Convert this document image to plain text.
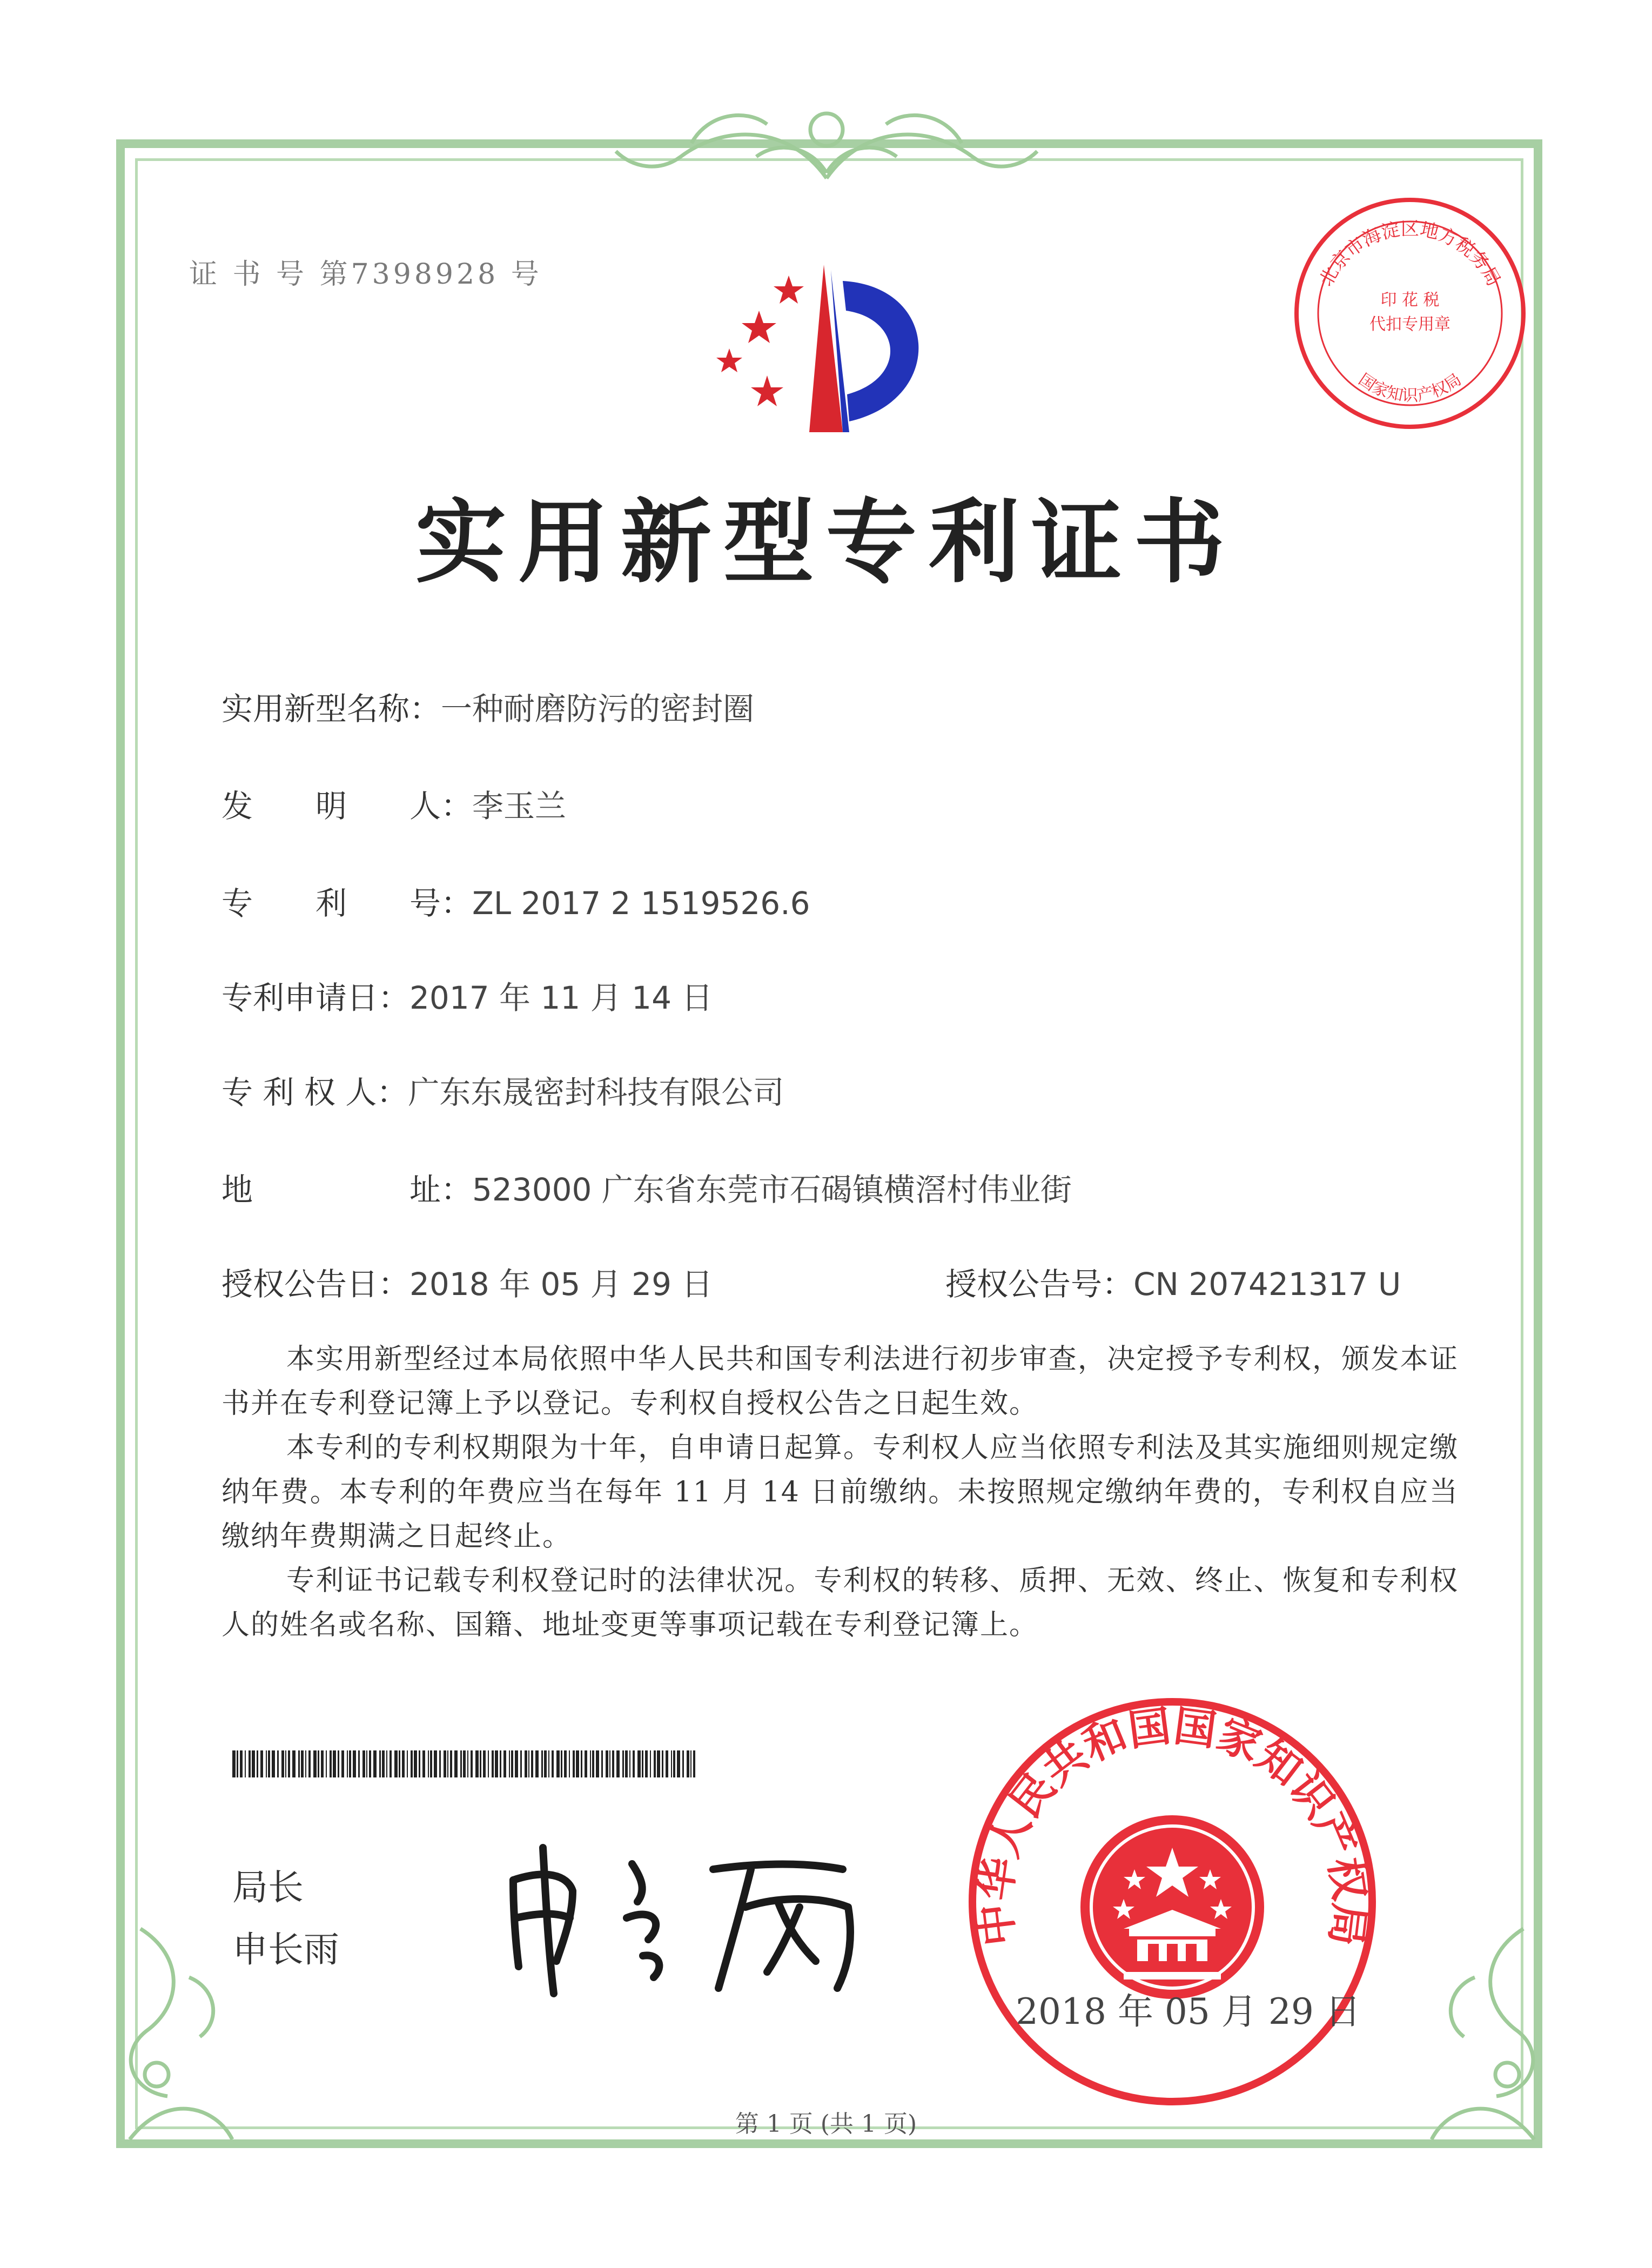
证 书 号 第7398928 号	北京市海淀区地方税务局
印 花 税
代扣专用章
国家知识产权局
实用新型专利证书
实用新型名称：一种耐磨防污的密封圈
发　　明　　人：李玉兰
专　　利　　号：ZL 2017 2 1519526.6
专利申请日：2017 年 11 月 14 日
专 利 权 人：广东东晟密封科技有限公司
地　　　　　址：523000 广东省东莞市石碣镇横滘村伟业街
授权公告日：2018 年 05 月 29 日	授权公告号：CN 207421317 U

本实用新型经过本局依照中华人民共和国专利法进行初步审查，决定授予专利权，颁发本证书并在专利登记簿上予以登记。专利权自授权公告之日起生效。

本专利的专利权期限为十年，自申请日起算。专利权人应当依照专利法及其实施细则规定缴纳年费。本专利的年费应当在每年 11 月 14 日前缴纳。未按照规定缴纳年费的，专利权自应当缴纳年费期满之日起终止。

专利证书记载专利权登记时的法律状况。专利权的转移、质押、无效、终止、恢复和专利权人的姓名或名称、国籍、地址变更等事项记载在专利登记簿上。

局长
申长雨
中华人民共和国国家知识产权局
2018 年 05 月 29 日
第 1 页 (共 1 页)
